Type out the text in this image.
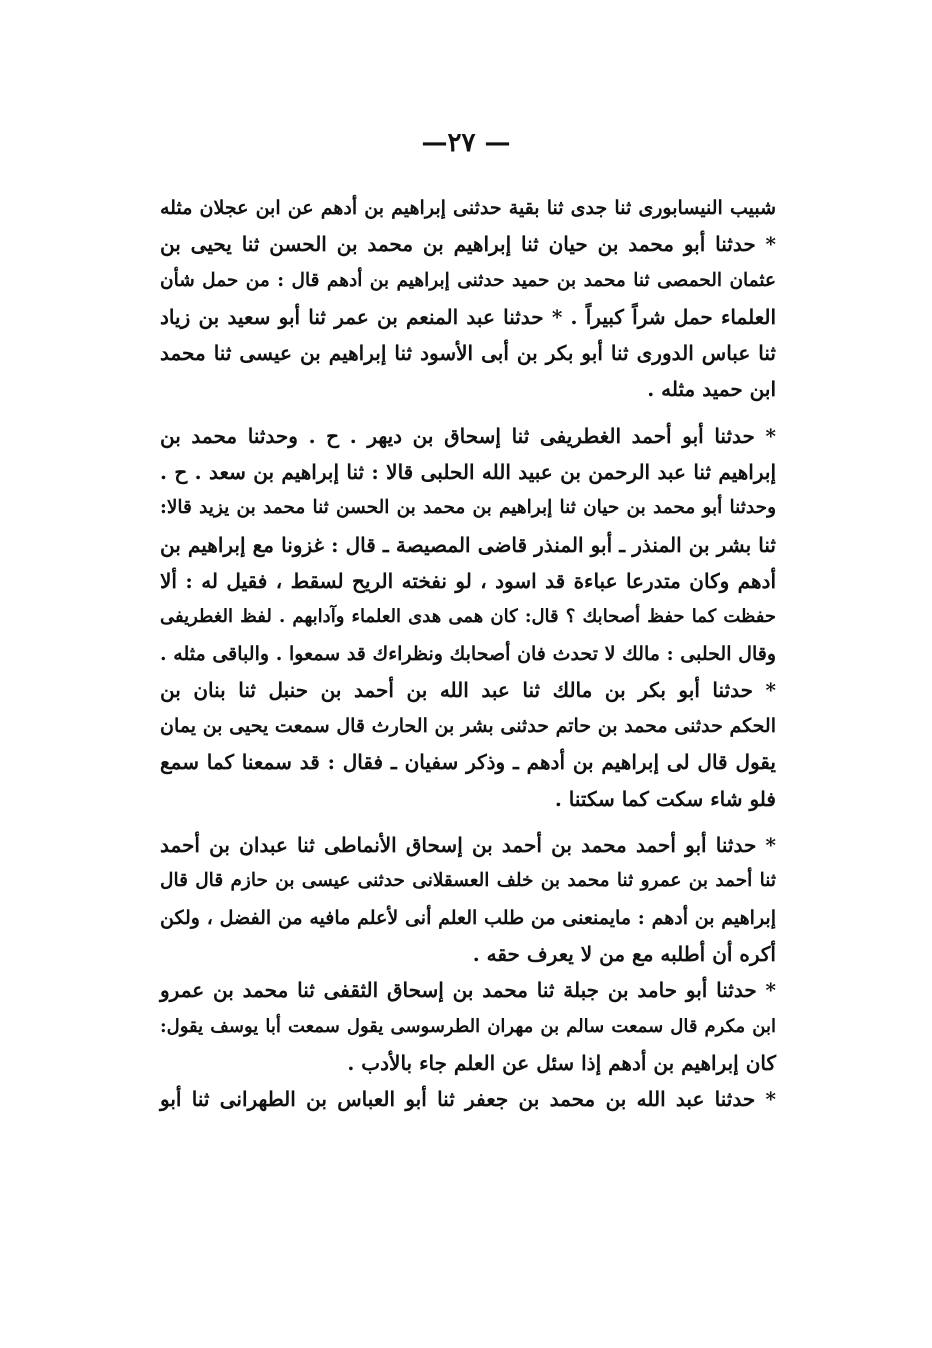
— ٢٧—
شبيب النيسابورى ثنا جدى ثنا بقية حدثنى إبراهيم بن أدهم عن ابن عجلان مثله
* حدثنا أبو محمد بن حيان ثنا إبراهيم بن محمد بن الحسن ثنا يحيى بن
عثمان الحمصى ثنا محمد بن حميد حدثنى إبراهيم بن أدهم قال : من حمل شأن
العلماء حمل شراً كبيراً . * حدثنا عبد المنعم بن عمر ثنا أبو سعيد بن زياد
ثنا عباس الدورى ثنا أبو بكر بن أبى الأسود ثنا إبراهيم بن عيسى ثنا محمد
ابن حميد مثله .
* حدثنا أبو أحمد الغطريفى ثنا إسحاق بن ديهر . ح . وحدثنا محمد بن
إبراهيم ثنا عبد الرحمن بن عبيد الله الحلبى قالا : ثنا إبراهيم بن سعد . ح .
وحدثنا أبو محمد بن حيان ثنا إبراهيم بن محمد بن الحسن ثنا محمد بن يزيد قالا:
ثنا بشر بن المنذر ـ أبو المنذر قاضى المصيصة ـ قال : غزونا مع إبراهيم بن
أدهم وكان متدرعا عباءة قد اسود ، لو نفخته الريح لسقط ، فقيل له : ألا
حفظت كما حفظ أصحابك ؟ قال: كان همى هدى العلماء وآدابهم . لفظ الغطريفى
وقال الحلبى : مالك لا تحدث فان أصحابك ونظراءك قد سمعوا . والباقى مثله .
* حدثنا أبو بكر بن مالك ثنا عبد الله بن أحمد بن حنبل ثنا بنان بن
الحكم حدثنى محمد بن حاتم حدثنى بشر بن الحارث قال سمعت يحيى بن يمان
يقول قال لى إبراهيم بن أدهم ـ وذكر سفيان ـ فقال : قد سمعنا كما سمع
فلو شاء سكت كما سكتنا .
* حدثنا أبو أحمد محمد بن أحمد بن إسحاق الأنماطى ثنا عبدان بن أحمد
ثنا أحمد بن عمرو ثنا محمد بن خلف العسقلانى حدثنى عيسى بن حازم قال قال
إبراهيم بن أدهم : مايمنعنى من طلب العلم أنى لأعلم مافيه من الفضل ، ولكن
أكره أن أطلبه مع من لا يعرف حقه .
* حدثنا أبو حامد بن جبلة ثنا محمد بن إسحاق الثقفى ثنا محمد بن عمرو
ابن مكرم قال سمعت سالم بن مهران الطرسوسى يقول سمعت أبا يوسف يقول:
كان إبراهيم بن أدهم إذا سئل عن العلم جاء بالأدب .
* حدثنا عبد الله بن محمد بن جعفر ثنا أبو العباس بن الطهرانى ثنا أبو
